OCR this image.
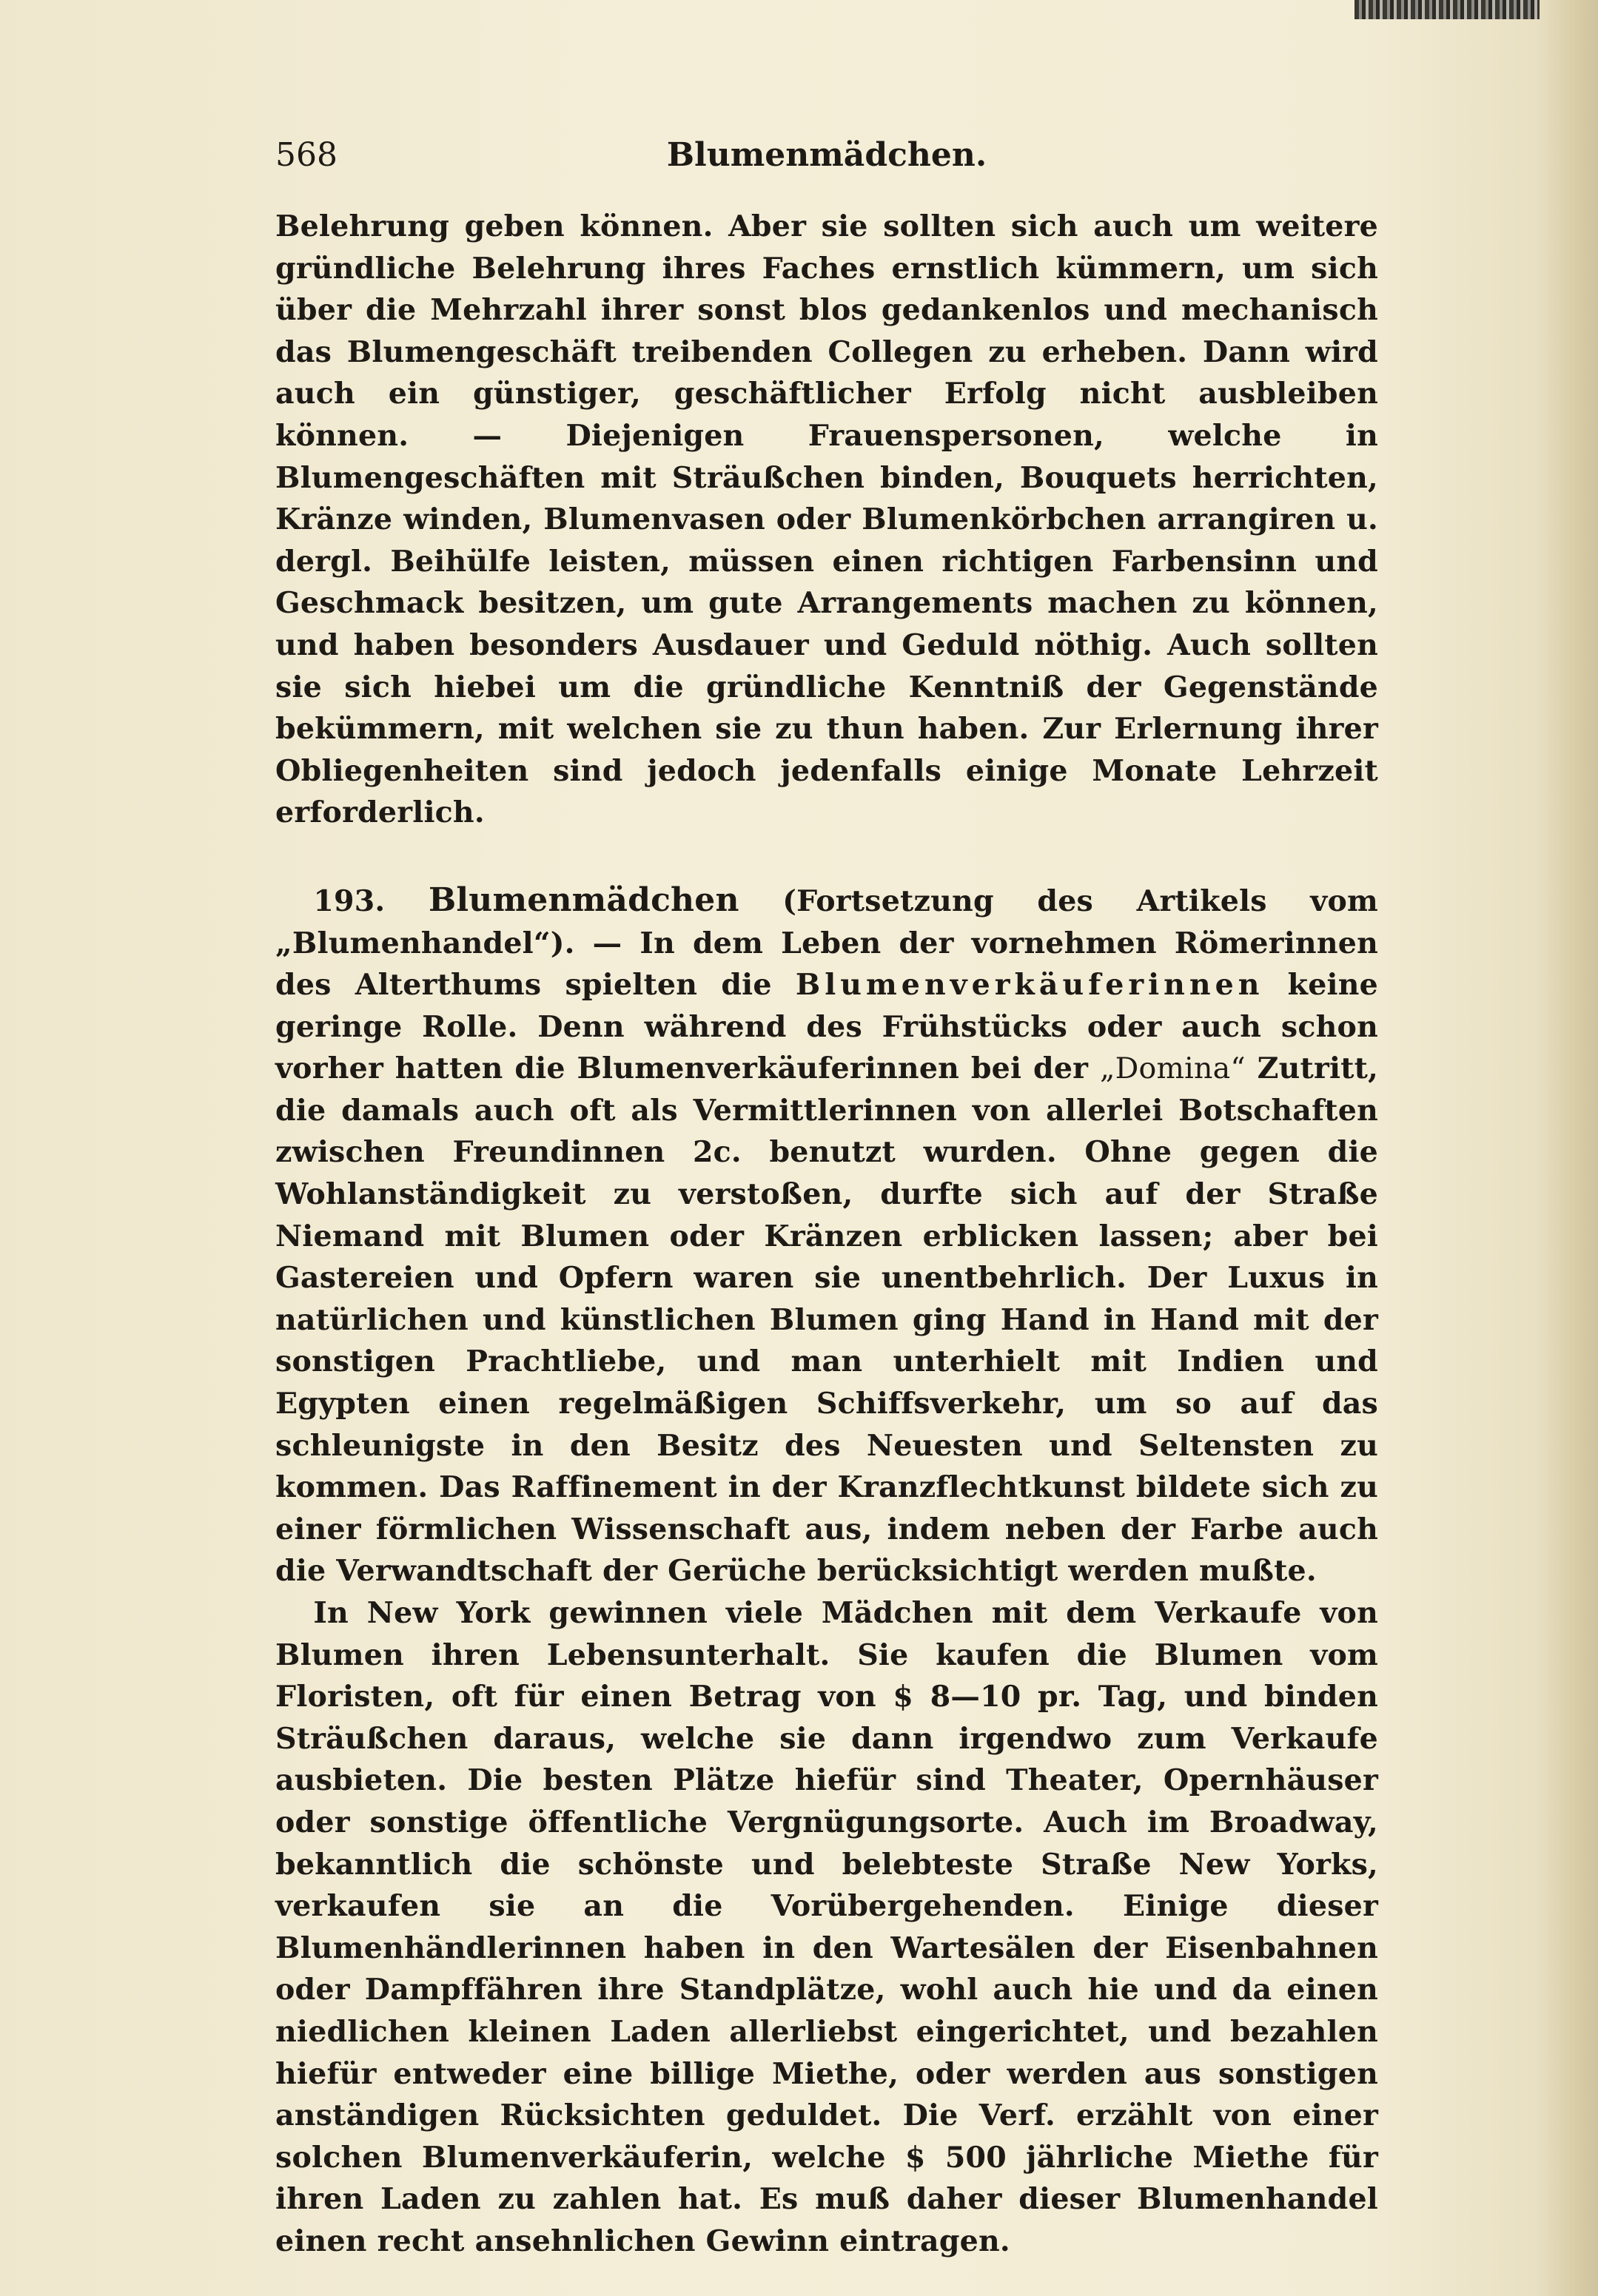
568	Blumenmädchen.

Belehrung geben können. Aber sie sollten sich auch um weitere gründliche Belehrung ihres Faches ernstlich kümmern, um sich über die Mehrzahl ihrer sonst blos gedankenlos und mechanisch das Blumengeschäft treibenden Collegen zu erheben. Dann wird auch ein günstiger, geschäftlicher Erfolg nicht ausbleiben können. — Diejenigen Frauenspersonen, welche in Blumengeschäften mit Sträußchen binden, Bouquets herrichten, Kränze winden, Blumenvasen oder Blumenkörbchen arrangiren u. dergl. Beihülfe leisten, müssen einen richtigen Farbensinn und Geschmack besitzen, um gute Arrangements machen zu können, und haben besonders Ausdauer und Geduld nöthig. Auch sollten sie sich hiebei um die gründliche Kenntniß der Gegenstände bekümmern, mit welchen sie zu thun haben. Zur Erlernung ihrer Obliegenheiten sind jedoch jedenfalls einige Monate Lehrzeit erforderlich.

193. Blumenmädchen (Fortsetzung des Artikels vom „Blumenhandel“). — In dem Leben der vornehmen Römerinnen des Alterthums spielten die Blumenverkäuferinnen keine geringe Rolle. Denn während des Frühstücks oder auch schon vorher hatten die Blumenverkäuferinnen bei der „Domina“ Zutritt, die damals auch oft als Vermittlerinnen von allerlei Botschaften zwischen Freundinnen 2c. benutzt wurden. Ohne gegen die Wohlanständigkeit zu verstoßen, durfte sich auf der Straße Niemand mit Blumen oder Kränzen erblicken lassen; aber bei Gastereien und Opfern waren sie unentbehrlich. Der Luxus in natürlichen und künstlichen Blumen ging Hand in Hand mit der sonstigen Prachtliebe, und man unterhielt mit Indien und Egypten einen regelmäßigen Schiffsverkehr, um so auf das schleunigste in den Besitz des Neuesten und Seltensten zu kommen. Das Raffinement in der Kranzflechtkunst bildete sich zu einer förmlichen Wissenschaft aus, indem neben der Farbe auch die Verwandtschaft der Gerüche berücksichtigt werden mußte.

In New York gewinnen viele Mädchen mit dem Verkaufe von Blumen ihren Lebensunterhalt. Sie kaufen die Blumen vom Floristen, oft für einen Betrag von $ 8—10 pr. Tag, und binden Sträußchen daraus, welche sie dann irgendwo zum Verkaufe ausbieten. Die besten Plätze hiefür sind Theater, Opernhäuser oder sonstige öffentliche Vergnügungsorte. Auch im Broadway, bekanntlich die schönste und belebteste Straße New Yorks, verkaufen sie an die Vorübergehenden. Einige dieser Blumenhändlerinnen haben in den Wartesälen der Eisenbahnen oder Dampffähren ihre Standplätze, wohl auch hie und da einen niedlichen kleinen Laden allerliebst eingerichtet, und bezahlen hiefür entweder eine billige Miethe, oder werden aus sonstigen anständigen Rücksichten geduldet. Die Verf. erzählt von einer solchen Blumenverkäuferin, welche $ 500 jährliche Miethe für ihren Laden zu zahlen hat. Es muß daher dieser Blumenhandel einen recht ansehnlichen Gewinn eintragen.
